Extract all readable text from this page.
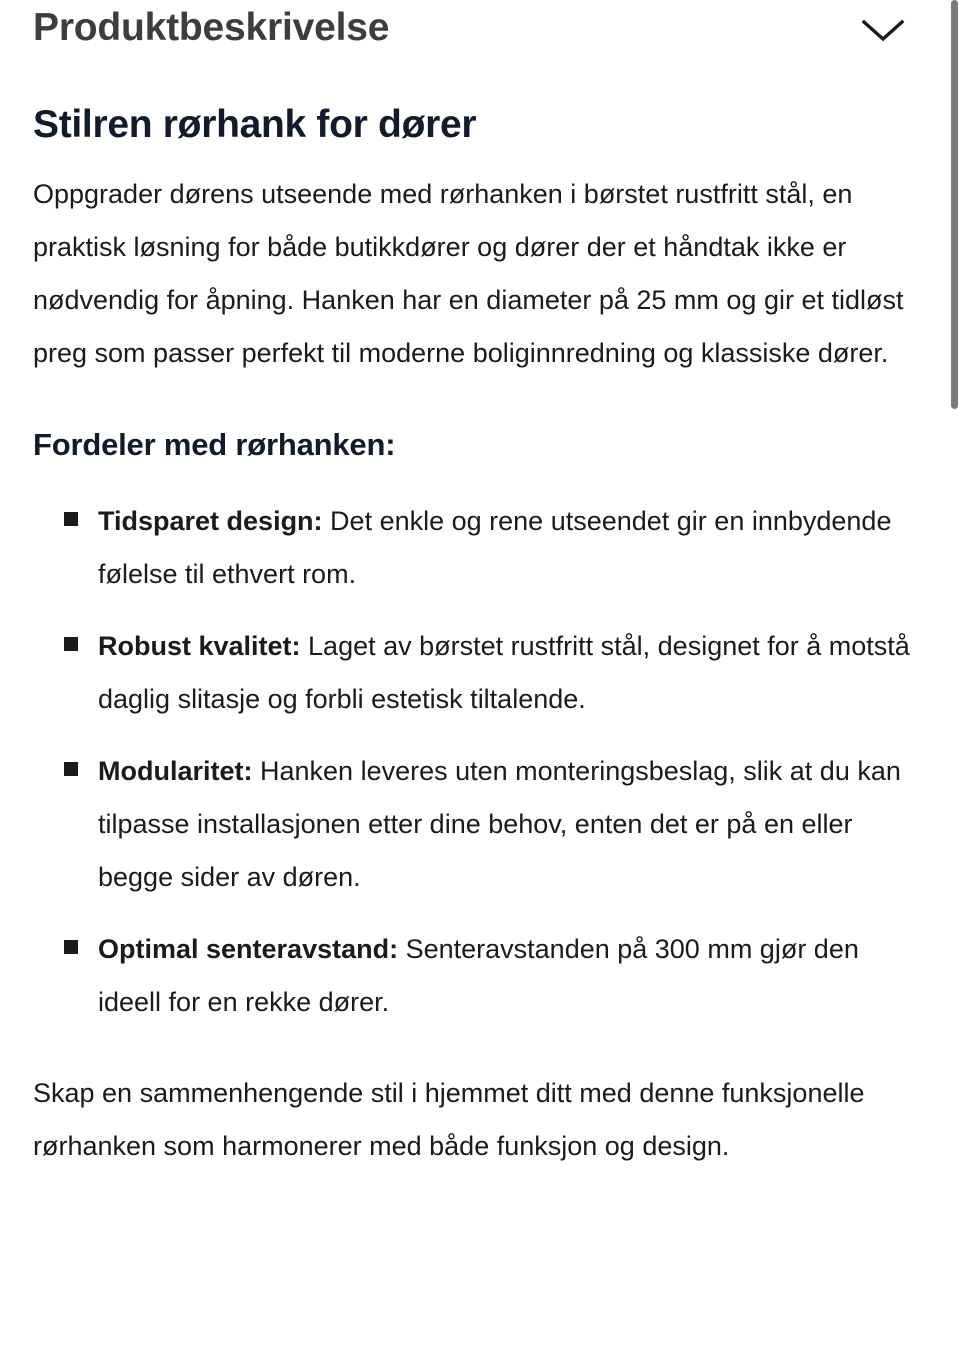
Produktbeskrivelse
Stilren rørhank for dører

Oppgrader dørens utseende med rørhanken i børstet rustfritt stål, en praktisk løsning for både butikkdører og dører der et håndtak ikke er nødvendig for åpning. Hanken har en diameter på 25 mm og gir et tidløst preg som passer perfekt til moderne boliginnredning og klassiske dører.

Fordeler med rørhanken:
Tidsparet design: Det enkle og rene utseendet gir en innbydende følelse til ethvert rom.
Robust kvalitet: Laget av børstet rustfritt stål, designet for å motstå daglig slitasje og forbli estetisk tiltalende.
Modularitet: Hanken leveres uten monteringsbeslag, slik at du kan tilpasse installasjonen etter dine behov, enten det er på en eller begge sider av døren.
Optimal senteravstand: Senteravstanden på 300 mm gjør den ideell for en rekke dører.

Skap en sammenhengende stil i hjemmet ditt med denne funksjonelle rørhanken som harmonerer med både funksjon og design.
